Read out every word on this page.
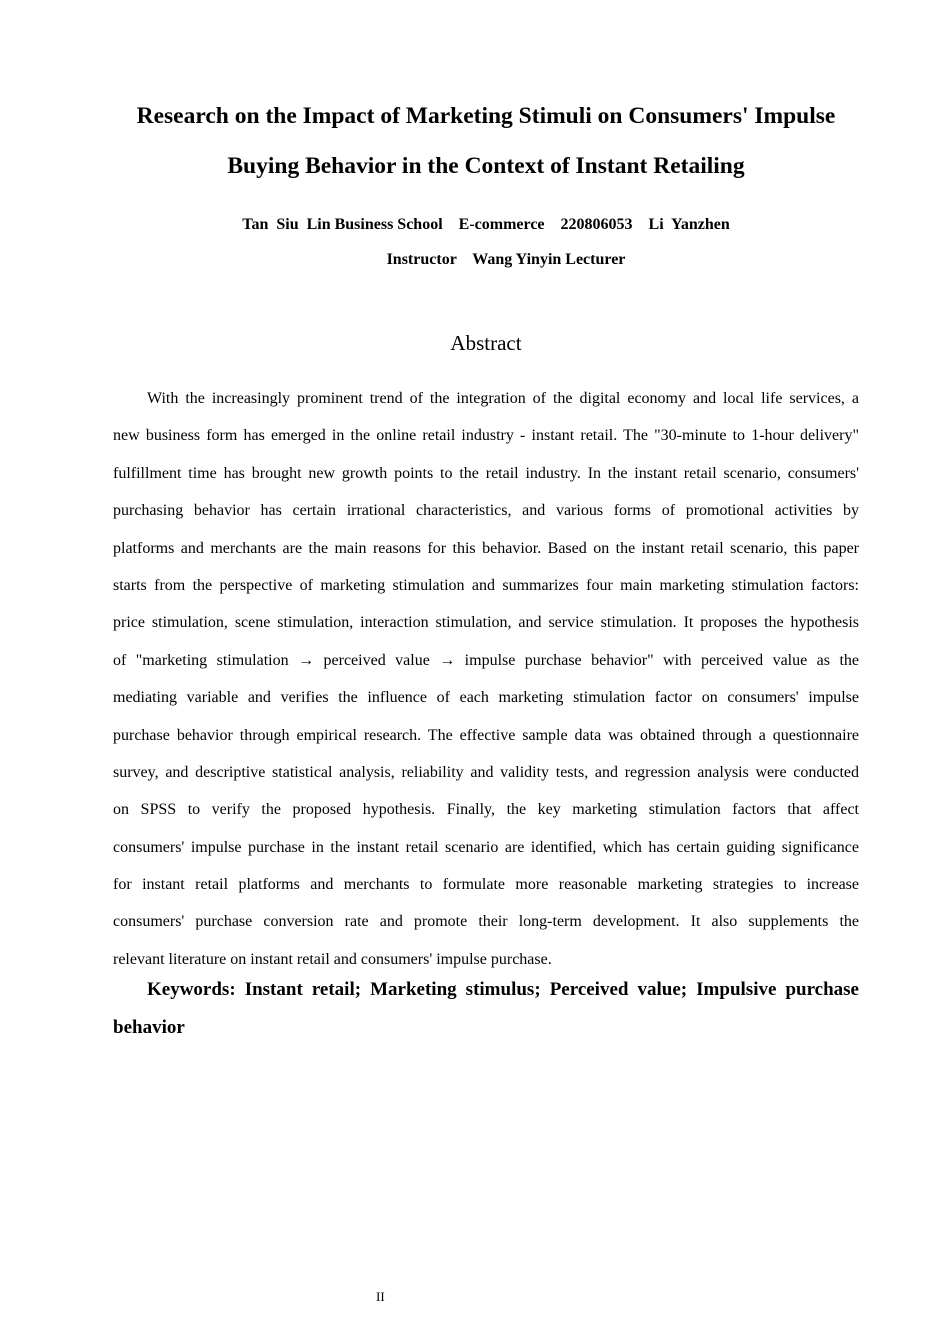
Research on the Impact of Marketing Stimuli on Consumers' Impulse
Buying Behavior in the Context of Instant Retailing
Tan  Siu  Lin Business School    E-commerce    220806053    Li  Yanzhen
Instructor    Wang Yinyin Lecturer
Abstract
With the increasingly prominent trend of the integration of the digital economy and local life services, a
new business form has emerged in the online retail industry - instant retail. The "30-minute to 1-hour delivery"
fulfillment time has brought new growth points to the retail industry. In the instant retail scenario, consumers'
purchasing behavior has certain irrational characteristics, and various forms of promotional activities by
platforms and merchants are the main reasons for this behavior. Based on the instant retail scenario, this paper
starts from the perspective of marketing stimulation and summarizes four main marketing stimulation factors:
price stimulation, scene stimulation, interaction stimulation, and service stimulation. It proposes the hypothesis
of "marketing stimulation → perceived value → impulse purchase behavior" with perceived value as the
mediating variable and verifies the influence of each marketing stimulation factor on consumers' impulse
purchase behavior through empirical research. The effective sample data was obtained through a questionnaire
survey, and descriptive statistical analysis, reliability and validity tests, and regression analysis were conducted
on SPSS to verify the proposed hypothesis. Finally, the key marketing stimulation factors that affect
consumers' impulse purchase in the instant retail scenario are identified, which has certain guiding significance
for instant retail platforms and merchants to formulate more reasonable marketing strategies to increase
consumers' purchase conversion rate and promote their long-term development. It also supplements the
relevant literature on instant retail and consumers' impulse purchase.
Keywords: Instant retail; Marketing stimulus; Perceived value; Impulsive purchase
behavior
II
